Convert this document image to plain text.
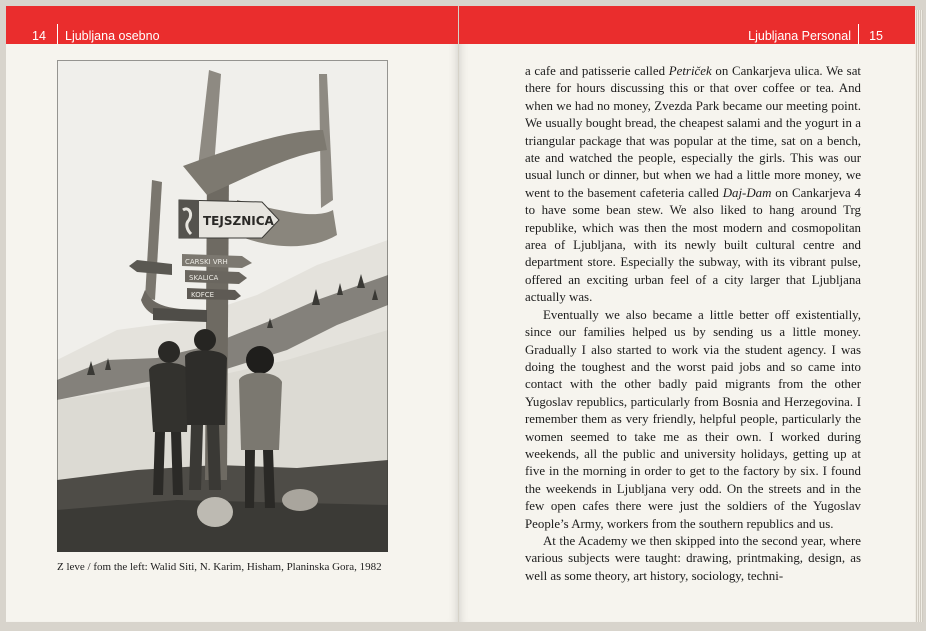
14 Ljubljana osebno
TEJSZNICA
CARSKI VRH
SKALICA
KOFCE
Z leve / fom the left: Walid Siti, N. Karim, Hisham, Planinska Gora, 1982
Ljubljana Personal 15

a cafe and patisserie called Petriček on Cankarjeva ulica. We sat there for hours discussing this or that over coffee or tea. And when we had no money, Zvezda Park became our meeting point. We usually bought bread, the cheapest salami and the yogurt in a triangular package that was popular at the time, sat on a bench, ate and watched the people, especially the girls. This was our usual lunch or dinner, but when we had a little more money, we went to the basement cafeteria called Daj-Dam on Cankarjeva 4 to have some bean stew. We also liked to hang around Trg republike, which was then the most modern and cosmopolitan area of Ljubljana, with its newly built cultural centre and department store. Especially the subway, with its vibrant pulse, offered an exciting urban feel of a city larger that Ljubljana actually was.

Eventually we also became a little better off existentially, since our families helped us by sending us a little money. Gradually I also started to work via the student agency. I was doing the toughest and the worst paid jobs and so came into contact with the other badly paid migrants from the other Yugoslav republics, particularly from Bosnia and Herzegovina. I remember them as very friendly, helpful people, particularly the women seemed to take me as their own. I worked during weekends, all the public and university holidays, getting up at five in the morning in order to get to the factory by six. I found the weekends in Ljubljana very odd. On the streets and in the few open cafes there were just the soldiers of the Yugoslav People’s Army, workers from the southern republics and us.

At the Academy we then skipped into the second year, where various subjects were taught: drawing, printmaking, design, as well as some theory, art history, sociology, techni-
